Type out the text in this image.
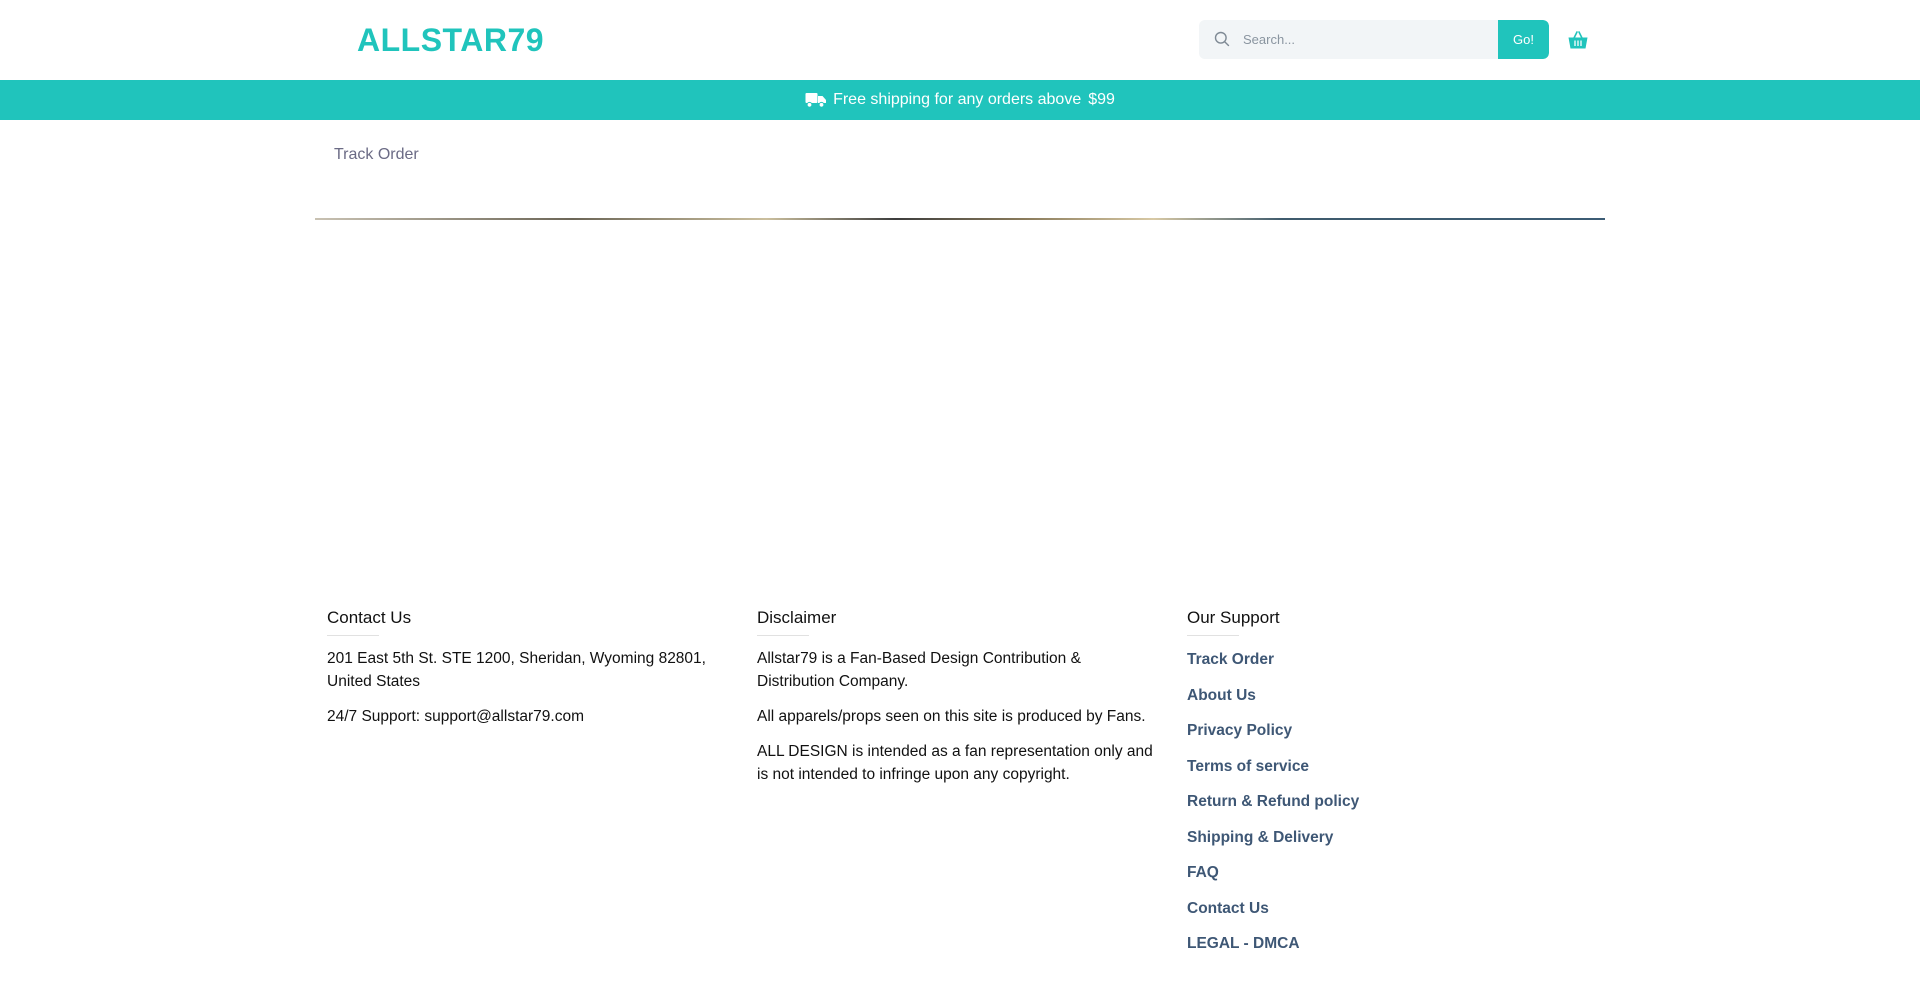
ALLSTAR79
Search...	Go!
Free shipping for any orders above $99
Track Order
Contact Us

201 East 5th St. STE 1200, Sheridan, Wyoming 82801, United States

24/7 Support: support@allstar79.com

Disclaimer

Allstar79 is a Fan-Based Design Contribution & Distribution Company.

All apparels/props seen on this site is produced by Fans.

ALL DESIGN is intended as a fan representation only and is not intended to infringe upon any copyright.

Our Support
Track Order
About Us
Privacy Policy
Terms of service
Return & Refund policy
Shipping & Delivery
FAQ
Contact Us
LEGAL - DMCA
